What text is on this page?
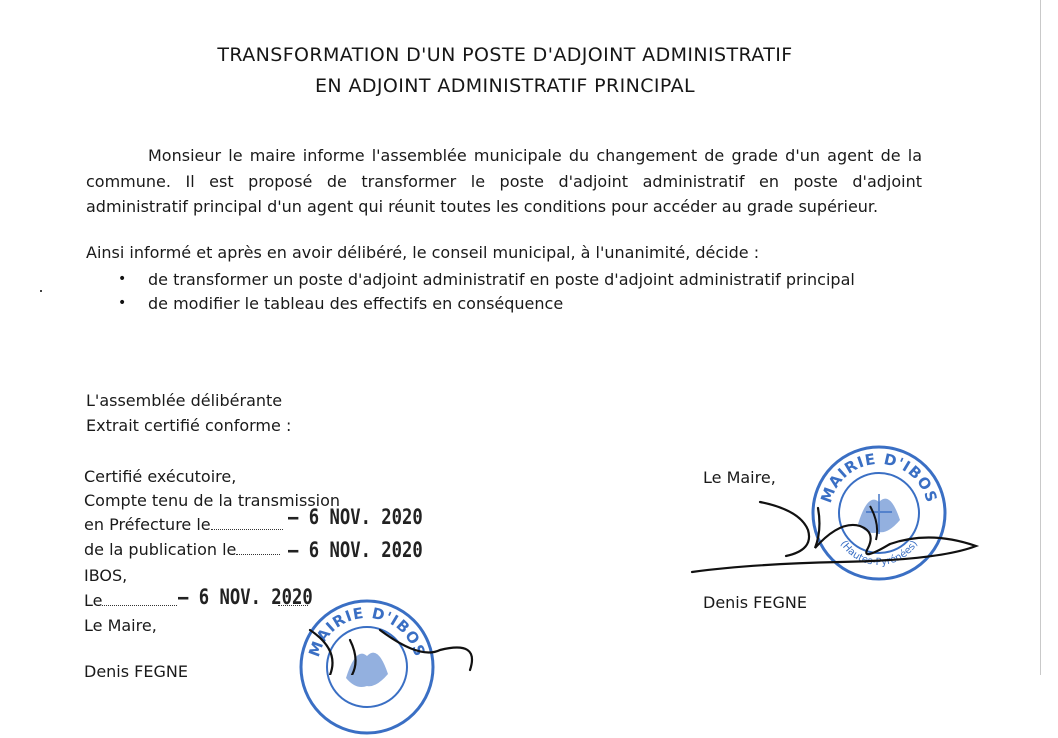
TRANSFORMATION D'UN POSTE D'ADJOINT ADMINISTRATIF
EN ADJOINT ADMINISTRATIF PRINCIPAL
Monsieur le maire informe l'assemblée municipale du changement de grade d'un agent de la
commune. Il est proposé de transformer le poste d'adjoint administratif en poste d'adjoint
administratif principal d'un agent qui réunit toutes les conditions pour accéder au grade supérieur.
Ainsi informé et après en avoir délibéré, le conseil municipal, à l'unanimité, décide :
• de transformer un poste d'adjoint administratif en poste d'adjoint administratif principal
• de modifier le tableau des effectifs en conséquence
L'assemblée délibérante
Extrait certifié conforme :
Certifié exécutoire,
Compte tenu de la transmission
en Préfecture le	– 6 NOV. 2020
de la publication le	– 6 NOV. 2020
IBOS,
Le	– 6 NOV. 2020
Le Maire,
Denis FEGNE
Le Maire,
Denis FEGNE
MAIRIE D'IBOS
(Hautes-Pyrénées)
MAIRIE D'IBOS
